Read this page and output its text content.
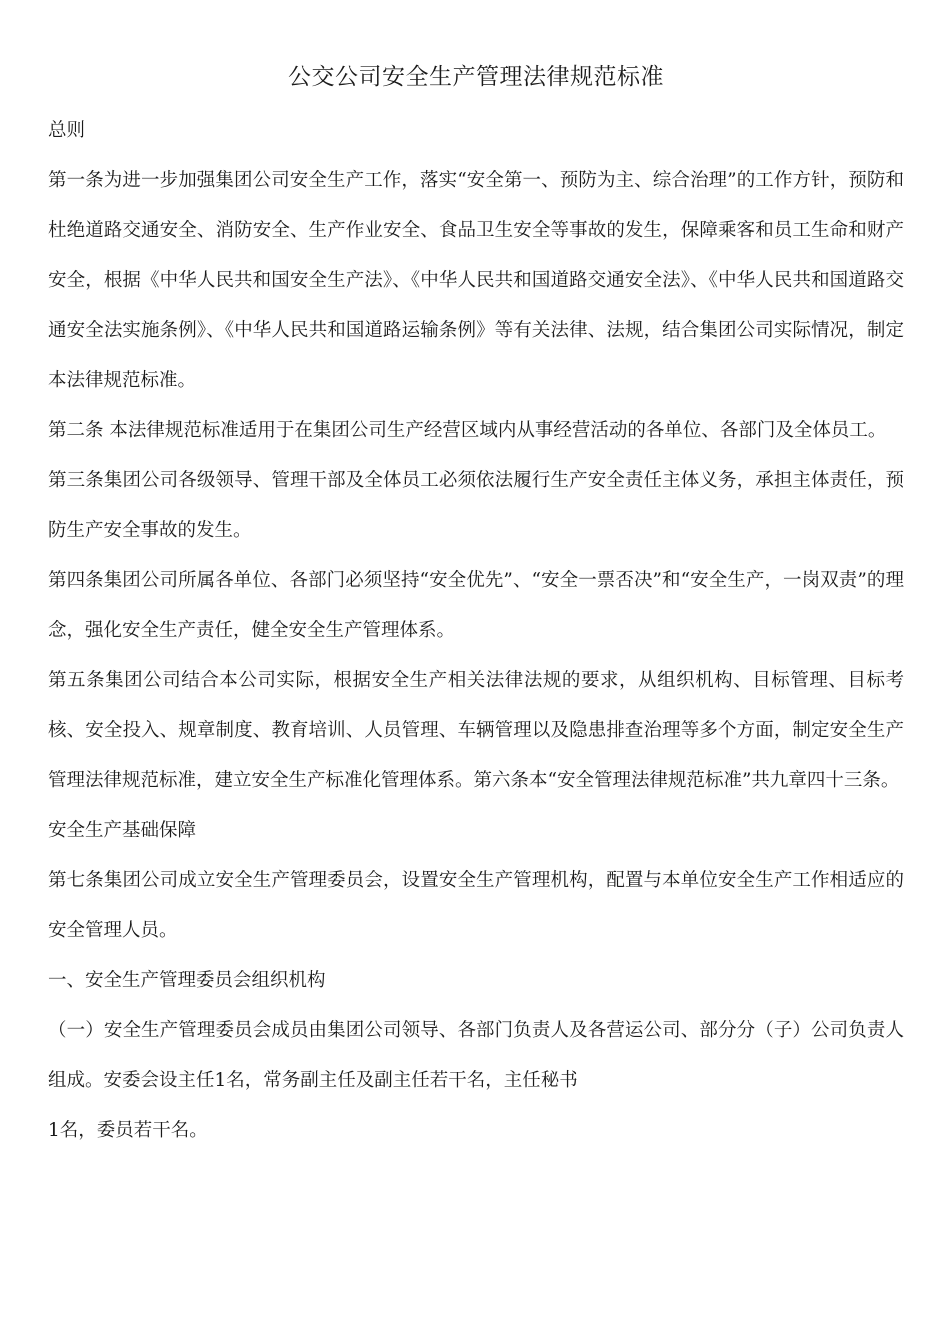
公交公司安全生产管理法律规范标准

总则

第一条为进一步加强集团公司安全生产工作，落实“安全第一、预防为主、综合治理”的工作方针，预防和杜绝道路交通安全、消防安全、生产作业安全、食品卫生安全等事故的发生，保障乘客和员工生命和财产安全，根据《中华人民共和国安全生产法》、《中华人民共和国道路交通安全法》、《中华人民共和国道路交通安全法实施条例》、《中华人民共和国道路运输条例》等有关法律、法规，结合集团公司实际情况，制定本法律规范标准。

第二条 本法律规范标准适用于在集团公司生产经营区域内从事经营活动的各单位、各部门及全体员工。

第三条集团公司各级领导、管理干部及全体员工必须依法履行生产安全责任主体义务，承担主体责任，预防生产安全事故的发生。

第四条集团公司所属各单位、各部门必须坚持“安全优先”、“安全一票否决”和“安全生产，一岗双责”的理念，强化安全生产责任，健全安全生产管理体系。

第五条集团公司结合本公司实际，根据安全生产相关法律法规的要求，从组织机构、目标管理、目标考核、安全投入、规章制度、教育培训、人员管理、车辆管理以及隐患排查治理等多个方面，制定安全生产管理法律规范标准，建立安全生产标准化管理体系。第六条本“安全管理法律规范标准”共九章四十三条。

安全生产基础保障

第七条集团公司成立安全生产管理委员会，设置安全生产管理机构，配置与本单位安全生产工作相适应的安全管理人员。

一、安全生产管理委员会组织机构

（一）安全生产管理委员会成员由集团公司领导、各部门负责人及各营运公司、部分分（子）公司负责人组成。安委会设主任1名，常务副主任及副主任若干名，主任秘书

1名，委员若干名。
